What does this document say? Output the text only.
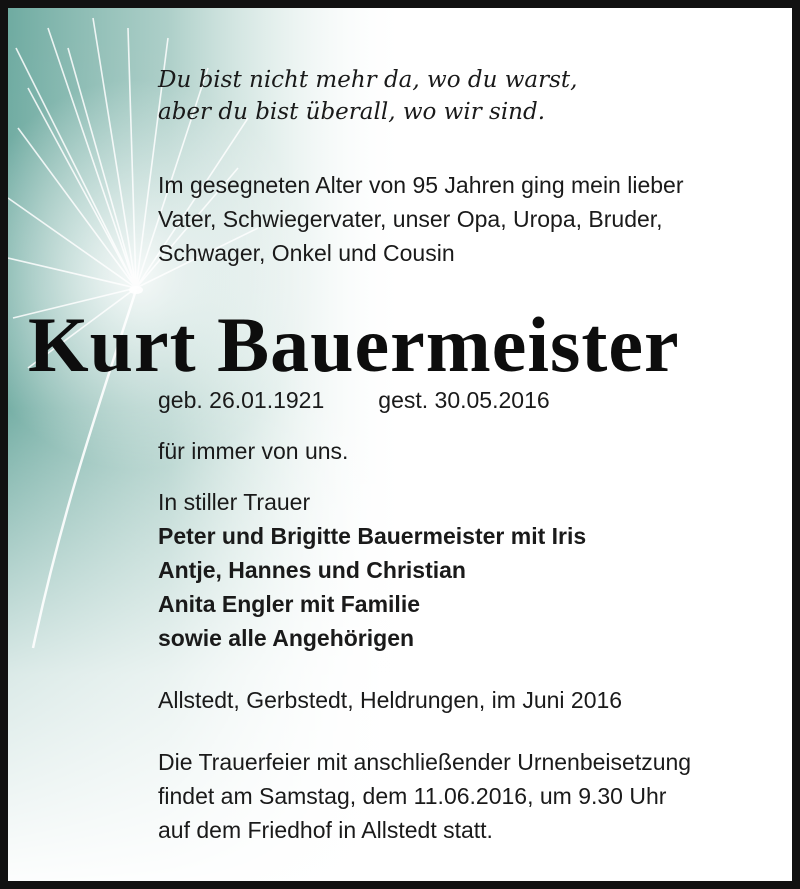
Du bist nicht mehr da, wo du warst,
aber du bist überall, wo wir sind.

Im gesegneten Alter von 95 Jahren ging mein lieber
Vater, Schwiegervater, unser Opa, Uropa, Bruder,
Schwager, Onkel und Cousin

Kurt Bauermeister

geb. 26.01.1921 gest. 30.05.2016

für immer von uns.

In stiller Trauer

Peter und Brigitte Bauermeister mit Iris
Antje, Hannes und Christian
Anita Engler mit Familie
sowie alle Angehörigen

Allstedt, Gerbstedt, Heldrungen, im Juni 2016

Die Trauerfeier mit anschließender Urnenbeisetzung
findet am Samstag, dem 11.06.2016, um 9.30 Uhr
auf dem Friedhof in Allstedt statt.
